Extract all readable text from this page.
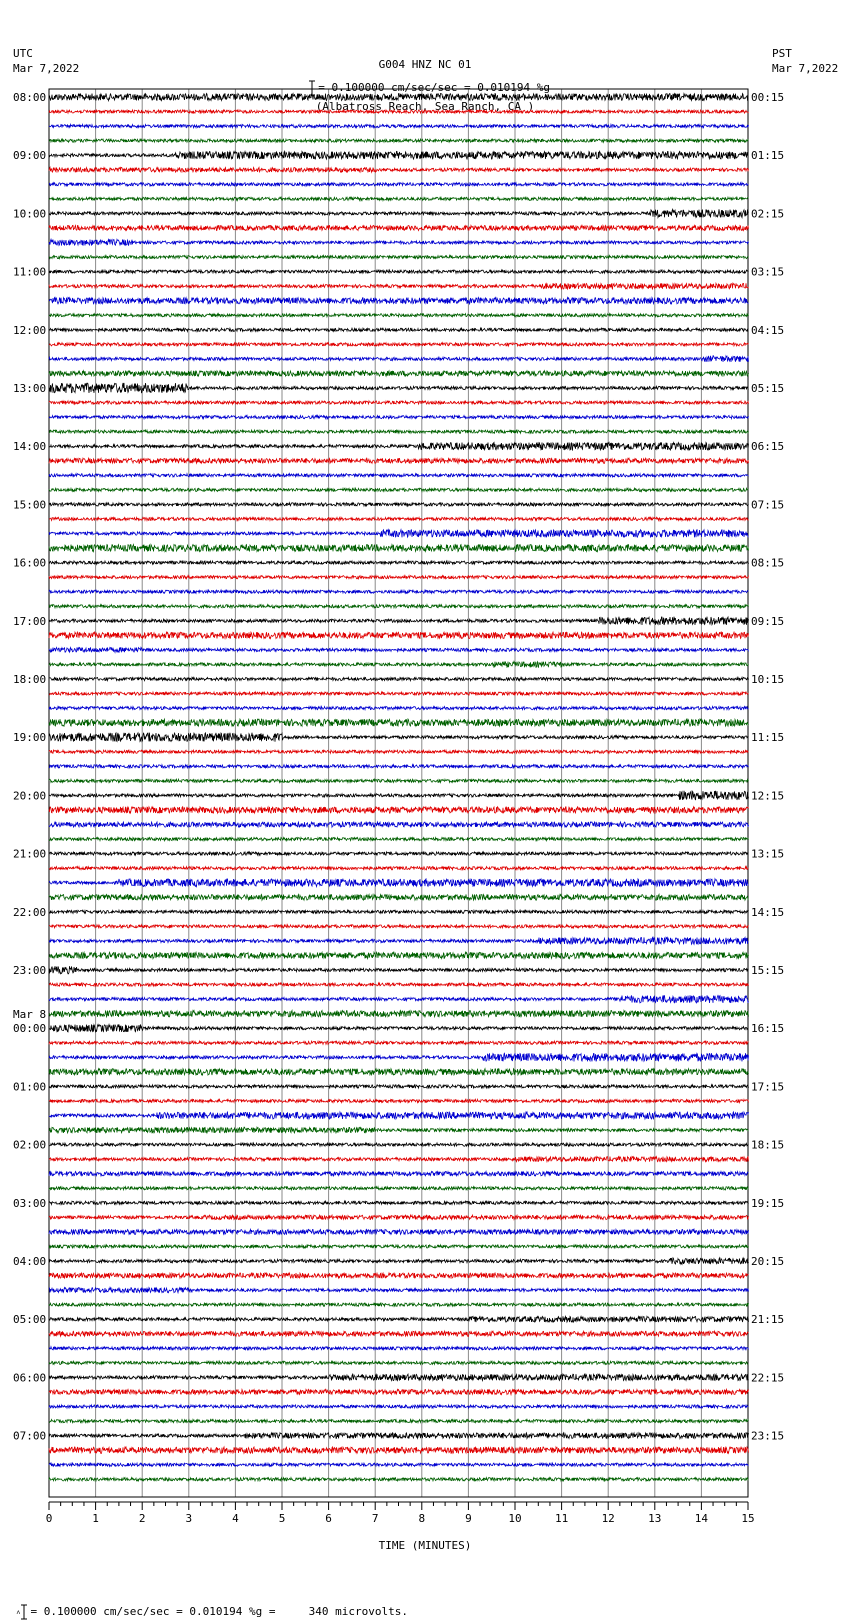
G004 HNZ NC 01

(Albatross Reach, Sea Ranch, CA )

UTC
Mar 7,2022
PST
Mar 7,2022

= 0.100000 cm/sec/sec = 0.010194 %g

08:00
09:00
10:00
11:00
12:00
13:00
14:00
15:00
16:00
17:00
18:00
19:00
20:00
21:00
22:00
23:00
Mar 8
00:00
01:00
02:00
03:00
04:00
05:00
06:00
07:00
00:15
01:15
02:15
03:15
04:15
05:15
06:15
07:15
08:15
09:15
10:15
11:15
12:15
13:15
14:15
15:15
16:15
17:15
18:15
19:15
20:15
21:15
22:15
23:15
0	1	2	3	4	5	6	7	8	9	10	11	12	13	14	15
TIME (MINUTES)

˄ = 0.100000 cm/sec/sec = 0.010194 %g =     340 microvolts.
